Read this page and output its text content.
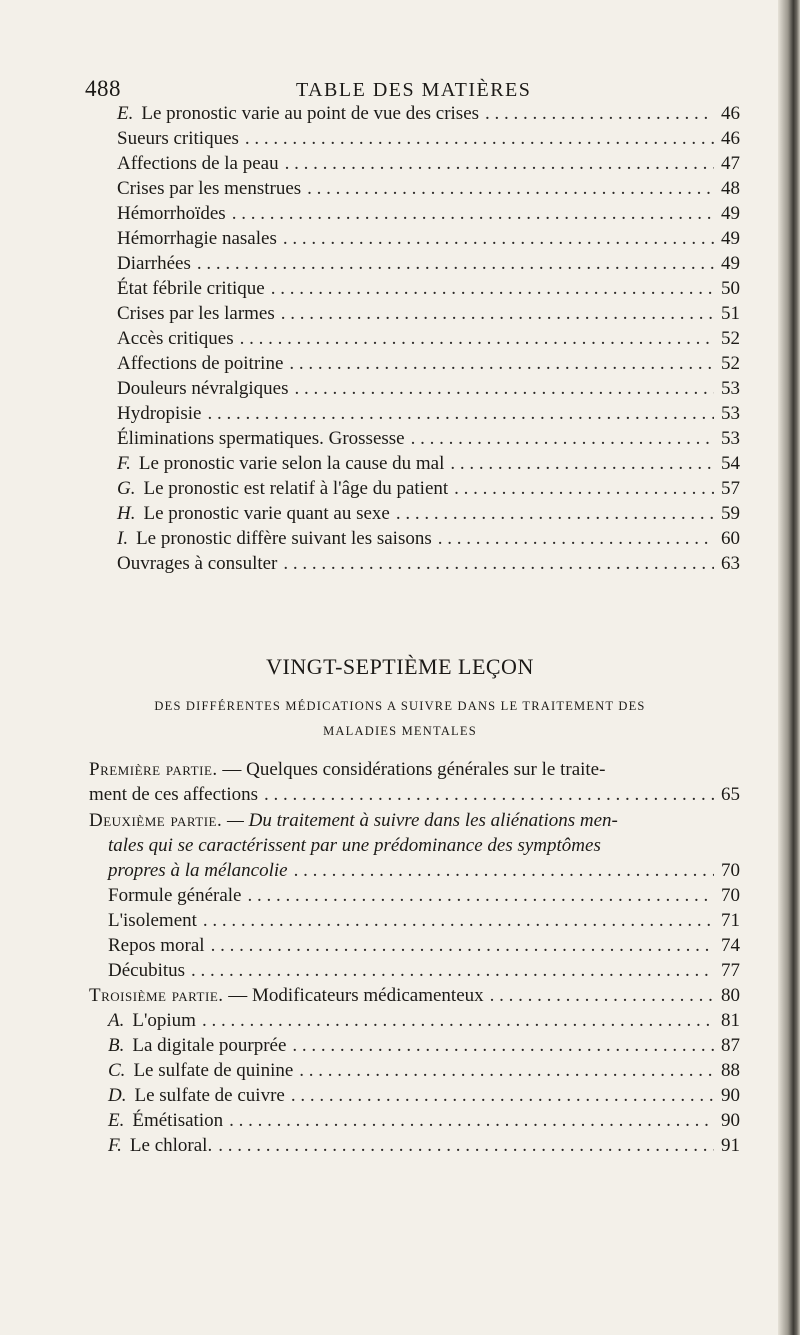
488	TABLE DES MATIÈRES
E. Le pronostic varie au point de vue des crises . . .	46
Sueurs critiques . . .	46
Affections de la peau . . .	47
Crises par les menstrues . . .	48
Hémorrhoïdes . . .	49
Hémorrhagie nasales . . .	49
Diarrhées . . .	49
État fébrile critique . . .	50
Crises par les larmes . . .	51
Accès critiques . . .	52
Affections de poitrine . . .	52
Douleurs névralgiques . . .	53
Hydropisie . . .	53
Éliminations spermatiques. Grossesse . . .	53
F. Le pronostic varie selon la cause du mal . . .	54
G. Le pronostic est relatif à l'âge du patient . . .	57
H. Le pronostic varie quant au sexe . . .	59
I. Le pronostic diffère suivant les saisons . . .	60
Ouvrages à consulter . . .	63
VINGT-SEPTIÈME LEÇON
DES DIFFÉRENTES MÉDICATIONS A SUIVRE DANS LE TRAITEMENT DES
MALADIES MENTALES
Première partie. — Quelques considérations générales sur le traite-
ment de ces affections . . .	65
Deuxième partie. — Du traitement à suivre dans les aliénations men-
tales qui se caractérissent par une prédominance des symptômes
propres à la mélancolie . . .	70
Formule générale . . .	70
L'isolement . . .	71
Repos moral . . .	74
Décubitus . . .	77
Troisième partie. — Modificateurs médicamenteux . . .	80
A. L'opium . . .	81
B. La digitale pourprée . . .	87
C. Le sulfate de quinine . . .	88
D. Le sulfate de cuivre . . .	90
E. Émétisation . . .	90
F. Le chloral. . . .	91
